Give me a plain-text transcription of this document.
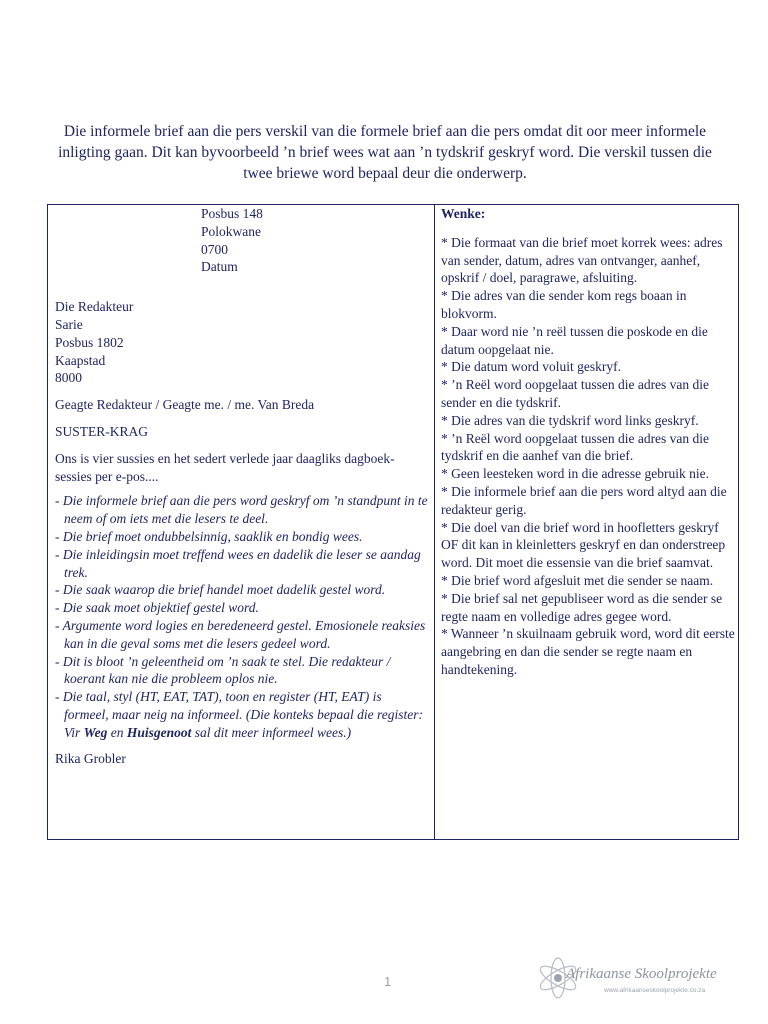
Die informele brief aan die pers verskil van die formele brief aan die pers omdat dit oor meer informele inligting gaan. Dit kan byvoorbeeld ’n brief wees wat aan ’n tydskrif geskryf word. Die verskil tussen die twee briewe word bepaal deur die onderwerp.
Posbus 148
Polokwane
0700
Datum
Die Redakteur
Sarie
Posbus 1802
Kaapstad
8000
Geagte Redakteur / Geagte me. / me. Van Breda
SUSTER-KRAG
Ons is vier sussies en het sedert verlede jaar daagliks dagboek-sessies per e-pos....
- Die informele brief aan die pers word geskryf om ’n standpunt in te neem of om iets met die lesers te deel.
- Die brief moet ondubbelsinnig, saaklik en bondig wees.
- Die inleidingsin moet treffend wees en dadelik die leser se aandag trek.
- Die saak waarop die brief handel moet dadelik gestel word.
- Die saak moet objektief gestel word.
- Argumente word logies en beredeneerd gestel. Emosionele reaksies kan in die geval soms met die lesers gedeel word.
- Dit is bloot ’n geleentheid om ’n saak te stel. Die redakteur / koerant kan nie die probleem oplos nie.
- Die taal, styl (HT, EAT, TAT), toon en register (HT, EAT) is formeel, maar neig na informeel. (Die konteks bepaal die register: Vir Weg en Huisgenoot sal dit meer informeel wees.)
Rika Grobler

Wenke:
* Die formaat van die brief moet korrek wees: adres van sender, datum, adres van ontvanger, aanhef, opskrif / doel, paragrawe, afsluiting.
* Die adres van die sender kom regs boaan in blokvorm.
* Daar word nie ’n reël tussen die poskode en die datum oopgelaat nie.
* Die datum word voluit geskryf.
* ’n Reël word oopgelaat tussen die adres van die sender en die tydskrif.
* Die adres van die tydskrif word links geskryf.
* ’n Reël word oopgelaat tussen die adres van die tydskrif en die aanhef van die brief.
* Geen leesteken word in die adresse gebruik nie.
* Die informele brief aan die pers word altyd aan die redakteur gerig.
* Die doel van die brief word in hoofletters geskryf OF dit kan in kleinletters geskryf en dan onderstreep word. Dit moet die essensie van die brief saamvat.
* Die brief word afgesluit met die sender se naam.
* Die brief sal net gepubliseer word as die sender se regte naam en volledige adres gegee word.
* Wanneer ’n skuilnaam gebruik word, word dit eerste aangebring en dan die sender se regte naam en handtekening.
1	Afrikaanse Skoolprojekte
www.afrikaanseskoolprojekte.co.za
